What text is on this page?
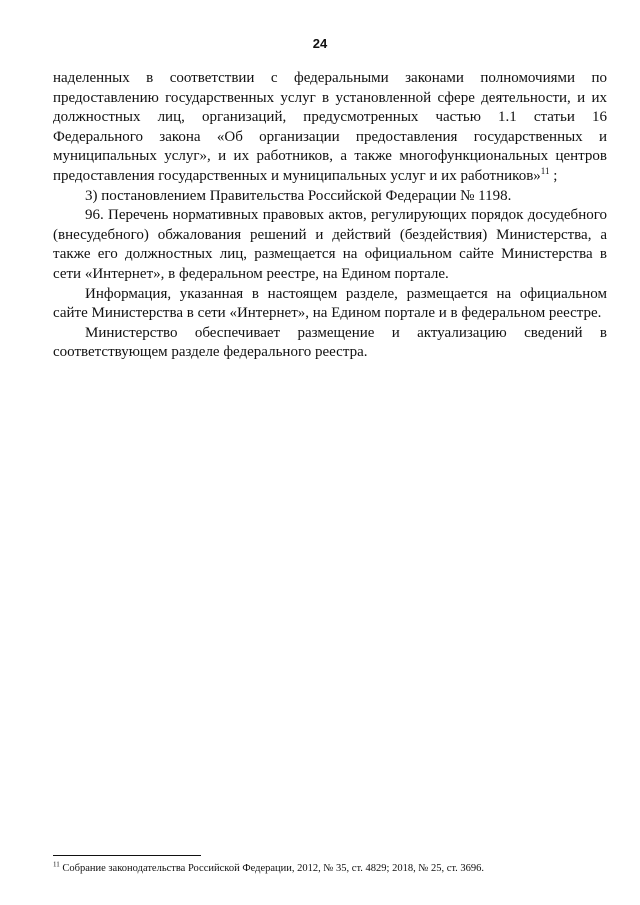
24

наделенных в соответствии с федеральными законами полномочиями по предоставлению государственных услуг в установленной сфере деятельности, и их должностных лиц, организаций, предусмотренных частью 1.1 статьи 16 Федерального закона «Об организации предоставления государственных и муниципальных услуг», и их работников, а также многофункциональных центров предоставления государственных и муниципальных услуг и их работников»$^{11}$ ;

3) постановлением Правительства Российской Федерации № 1198.

96. Перечень нормативных правовых актов, регулирующих порядок досудебного (внесудебного) обжалования решений и действий (бездействия) Министерства, а также его должностных лиц, размещается на официальном сайте Министерства в сети «Интернет», в федеральном реестре, на Едином портале.

Информация, указанная в настоящем разделе, размещается на официальном сайте Министерства в сети «Интернет», на Едином портале и в федеральном реестре.

Министерство обеспечивает размещение и актуализацию сведений в соответствующем разделе федерального реестра.

$^{11}$ Собрание законодательства Российской Федерации, 2012, № 35, ст. 4829; 2018, № 25, ст. 3696.
